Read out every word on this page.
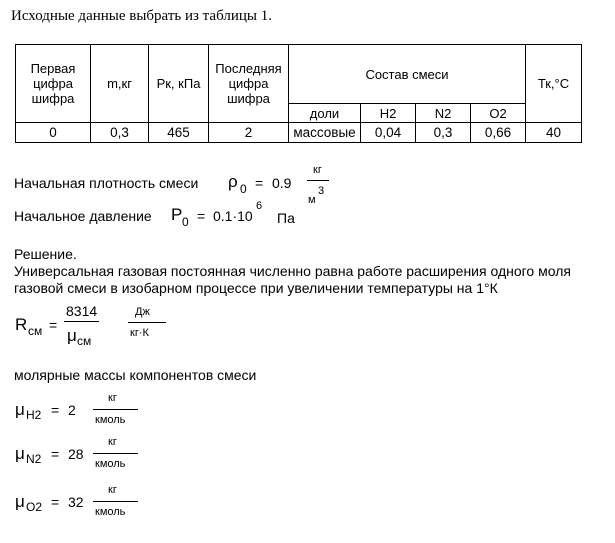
Исходные данные выбрать из таблицы 1.
Первая
цифра
шифра	m,кг	Рк, кПа	Последняя
цифра
шифра	Состав смеси				Тк,°С
				доли	H2	N2	O2	
0	0,3	465	2	массовые	0,04	0,3	0,66	40
Начальная плотность смеси ρ 0 = 0.9
кг
м
3
Начальное давление P 0 = 0.1·10
6
Па
Решение.
Универсальная газовая постоянная численно равна работе расширения одного моля
газовой смеси в изобарном процессе при увеличении температуры на 1°К
R см =
8314
μ см
Дж
кг·К
молярные массы компонентов смеси
μ H2 = 2
кг
кмоль
μ N2 = 28
кг
кмоль
μ O2 = 32
кг
кмоль
